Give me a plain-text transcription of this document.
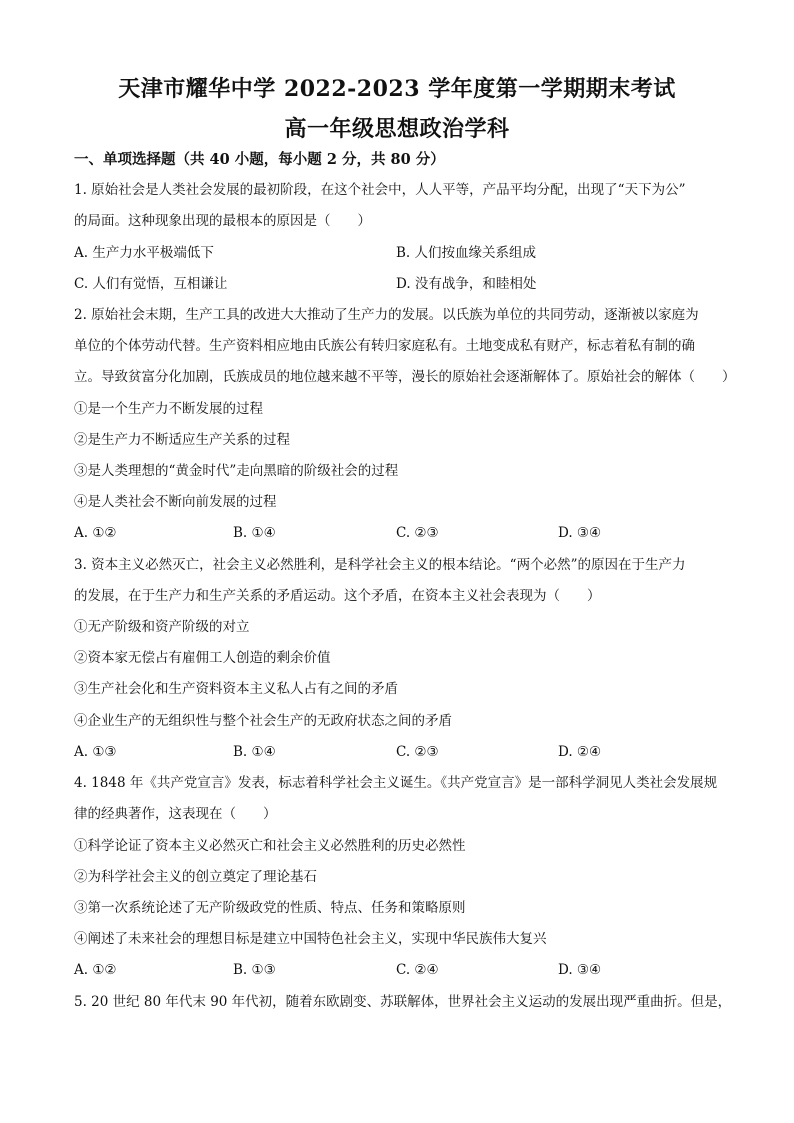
天津市耀华中学 2022-2023 学年度第一学期期末考试
高一年级思想政治学科
一、单项选择题（共 40 小题，每小题 2 分，共 80 分）
1. 原始社会是人类社会发展的最初阶段，在这个社会中，人人平等，产品平均分配，出现了“天下为公”
的局面。这种现象出现的最根本的原因是（　　）
A. 生产力水平极端低下	B. 人们按血缘关系组成
C. 人们有觉悟，互相谦让	D. 没有战争，和睦相处
2. 原始社会末期，生产工具的改进大大推动了生产力的发展。以氏族为单位的共同劳动，逐渐被以家庭为
单位的个体劳动代替。生产资料相应地由氏族公有转归家庭私有。土地变成私有财产，标志着私有制的确
立。导致贫富分化加剧，氏族成员的地位越来越不平等，漫长的原始社会逐渐解体了。原始社会的解体（　　）
①是一个生产力不断发展的过程
②是生产力不断适应生产关系的过程
③是人类理想的“黄金时代”走向黑暗的阶级社会的过程
④是人类社会不断向前发展的过程
A. ①②	B. ①④	C. ②③	D. ③④
3. 资本主义必然灭亡，社会主义必然胜利，是科学社会主义的根本结论。“两个必然”的原因在于生产力
的发展，在于生产力和生产关系的矛盾运动。这个矛盾，在资本主义社会表现为（　　）
①无产阶级和资产阶级的对立
②资本家无偿占有雇佣工人创造的剩余价值
③生产社会化和生产资料资本主义私人占有之间的矛盾
④企业生产的无组织性与整个社会生产的无政府状态之间的矛盾
A. ①③	B. ①④	C. ②③	D. ②④
4. 1848 年《共产党宣言》发表，标志着科学社会主义诞生。《共产党宣言》是一部科学洞见人类社会发展规
律的经典著作，这表现在（　　）
①科学论证了资本主义必然灭亡和社会主义必然胜利的历史必然性
②为科学社会主义的创立奠定了理论基石
③第一次系统论述了无产阶级政党的性质、特点、任务和策略原则
④阐述了未来社会的理想目标是建立中国特色社会主义，实现中华民族伟大复兴
A. ①②	B. ①③	C. ②④	D. ③④
5. 20 世纪 80 年代末 90 年代初，随着东欧剧变、苏联解体，世界社会主义运动的发展出现严重曲折。但是，
